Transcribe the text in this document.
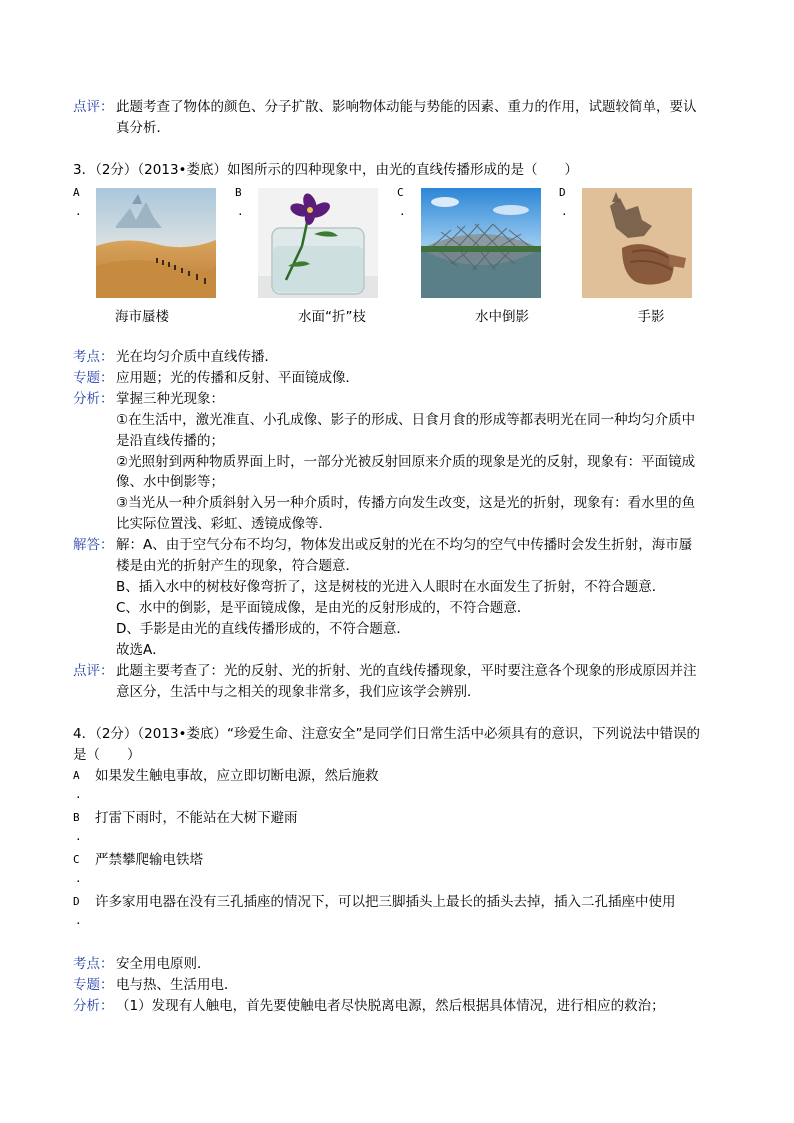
点评： 此题考查了物体的颜色、分子扩散、影响物体动能与势能的因素、重力的作用，试题较简单，要认
真分析．
3．（2分）（2013•娄底）如图所示的四种现象中，由光的直线传播形成的是（　　）
A
.
B
.
C
.
D
.
海市蜃楼	水面“折”枝	水中倒影	手影
考点： 光在均匀介质中直线传播．
专题： 应用题；光的传播和反射、平面镜成像．
分析： 掌握三种光现象：
①在生活中，激光准直、小孔成像、影子的形成、日食月食的形成等都表明光在同一种均匀介质中
是沿直线传播的；
②光照射到两种物质界面上时，一部分光被反射回原来介质的现象是光的反射，现象有：平面镜成
像、水中倒影等；
③当光从一种介质斜射入另一种介质时，传播方向发生改变，这是光的折射，现象有：看水里的鱼
比实际位置浅、彩虹、透镜成像等．
解答： 解：A、由于空气分布不均匀，物体发出或反射的光在不均匀的空气中传播时会发生折射，海市蜃
楼是由光的折射产生的现象，符合题意．
B、插入水中的树枝好像弯折了，这是树枝的光进入人眼时在水面发生了折射，不符合题意．
C、水中的倒影，是平面镜成像，是由光的反射形成的，不符合题意．
D、手影是由光的直线传播形成的，不符合题意．
故选A．
点评： 此题主要考查了：光的反射、光的折射、光的直线传播现象，平时要注意各个现象的形成原因并注
意区分，生活中与之相关的现象非常多，我们应该学会辨别．
4．（2分）（2013•娄底）“珍爱生命、注意安全”是同学们日常生活中必须具有的意识，下列说法中错误的
是（　　）
A 如果发生触电事故，应立即切断电源，然后施救
.
B 打雷下雨时，不能站在大树下避雨
.
C 严禁攀爬输电铁塔
.
D 许多家用电器在没有三孔插座的情况下，可以把三脚插头上最长的插头去掉，插入二孔插座中使用
.
考点： 安全用电原则．
专题： 电与热、生活用电．
分析： （1）发现有人触电，首先要使触电者尽快脱离电源，然后根据具体情况，进行相应的救治；
